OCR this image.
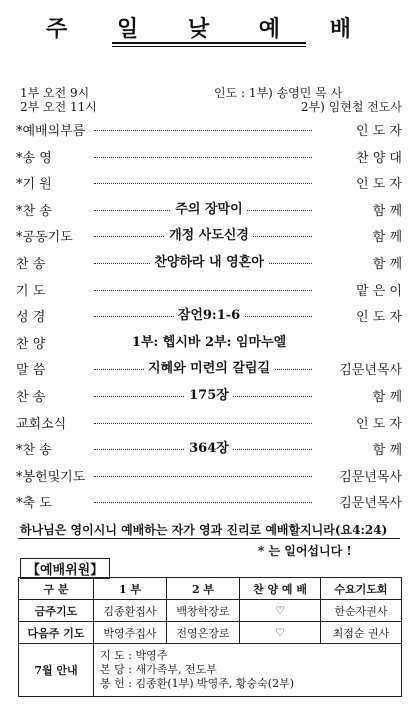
주 일 낮 예 배
1부 오전 9시	인도 : 1부) 송영민 목 사
2부 오전 11시	2부) 임현철 전도사
*예배의부름	인 도 자
*송 영	찬 양 대
*기 원	인 도 자
*찬 송	주의 장막이	함 께
*공동기도	개정 사도신경	함 께
찬 송	찬양하라 내 영혼아	함 께
기 도	맡 은 이
성 경	잠언9:1-6	인 도 자
찬 양	1부: 헵시바 2부: 임마누엘
말 씀	지혜와 미련의 갈림길	김문년목사
찬 송	175장	함 께
교회소식	인 도 자
*찬 송	364장	함 께
*봉헌및기도	김문년목사
*축 도	김문년목사
하나님은 영이시니 예배하는 자가 영과 진리로 예배할지니라(요4:24)
* 는 일어섭니다 !
【예배위원】
구 분	1 부	2 부	찬 양 예 배	수요기도회
금주기도	김종환집사	백창학장로	♡	한순자권사
다음주 기도	박영주집사	전영은장로	♡	최점순 권사
7월 안내	지 도 : 박영주
본 당 : 새가족부, 전도부
봉 헌 : 김종환(1부) 박영주, 황숭숙(2부)			
